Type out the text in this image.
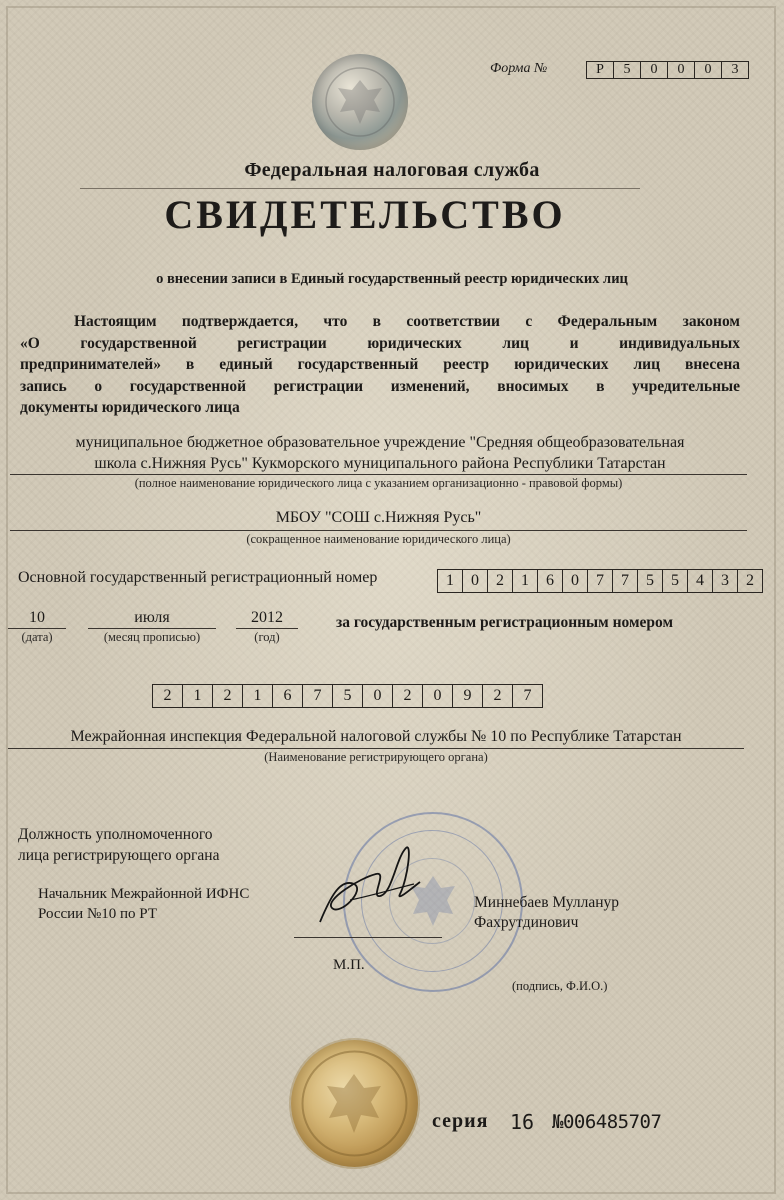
Форма №	Р	5	0	0	0	3
Федеральная налоговая служба
СВИДЕТЕЛЬСТВО
о внесении записи в Единый государственный реестр юридических лиц
Настоящим подтверждается, что в соответствии с Федеральным законом
«О государственной регистрации юридических лиц и индивидуальных
предпринимателей» в единый государственный реестр юридических лиц внесена
запись о государственной регистрации изменений, вносимых в учредительные
документы юридического лица
муниципальное бюджетное образовательное учреждение "Средняя общеобразовательная
школа с.Нижняя Русь" Кукморского муниципального района Республики Татарстан
(полное наименование юридического лица с указанием организационно - правовой формы)
МБОУ "СОШ с.Нижняя Русь"
(сокращенное наименование юридического лица)
Основной государственный регистрационный номер	1	0	2	1	6	0	7	7	5	5	4	3	2
10
(дата)
июля
(месяц прописью)
2012
(год)
за государственным регистрационным номером
2	1	2	1	6	7	5	0	2	0	9	2	7
Межрайонная инспекция Федеральной налоговой службы № 10 по Республике Татарстан
(Наименование регистрирующего органа)
Должность уполномоченного
лица регистрирующего органа
Начальник Межрайонной ИФНС
России №10 по РТ
М.П.
Миннебаев Мулланур
Фахрутдинович
(подпись, Ф.И.О.)
серия 16 №006485707
